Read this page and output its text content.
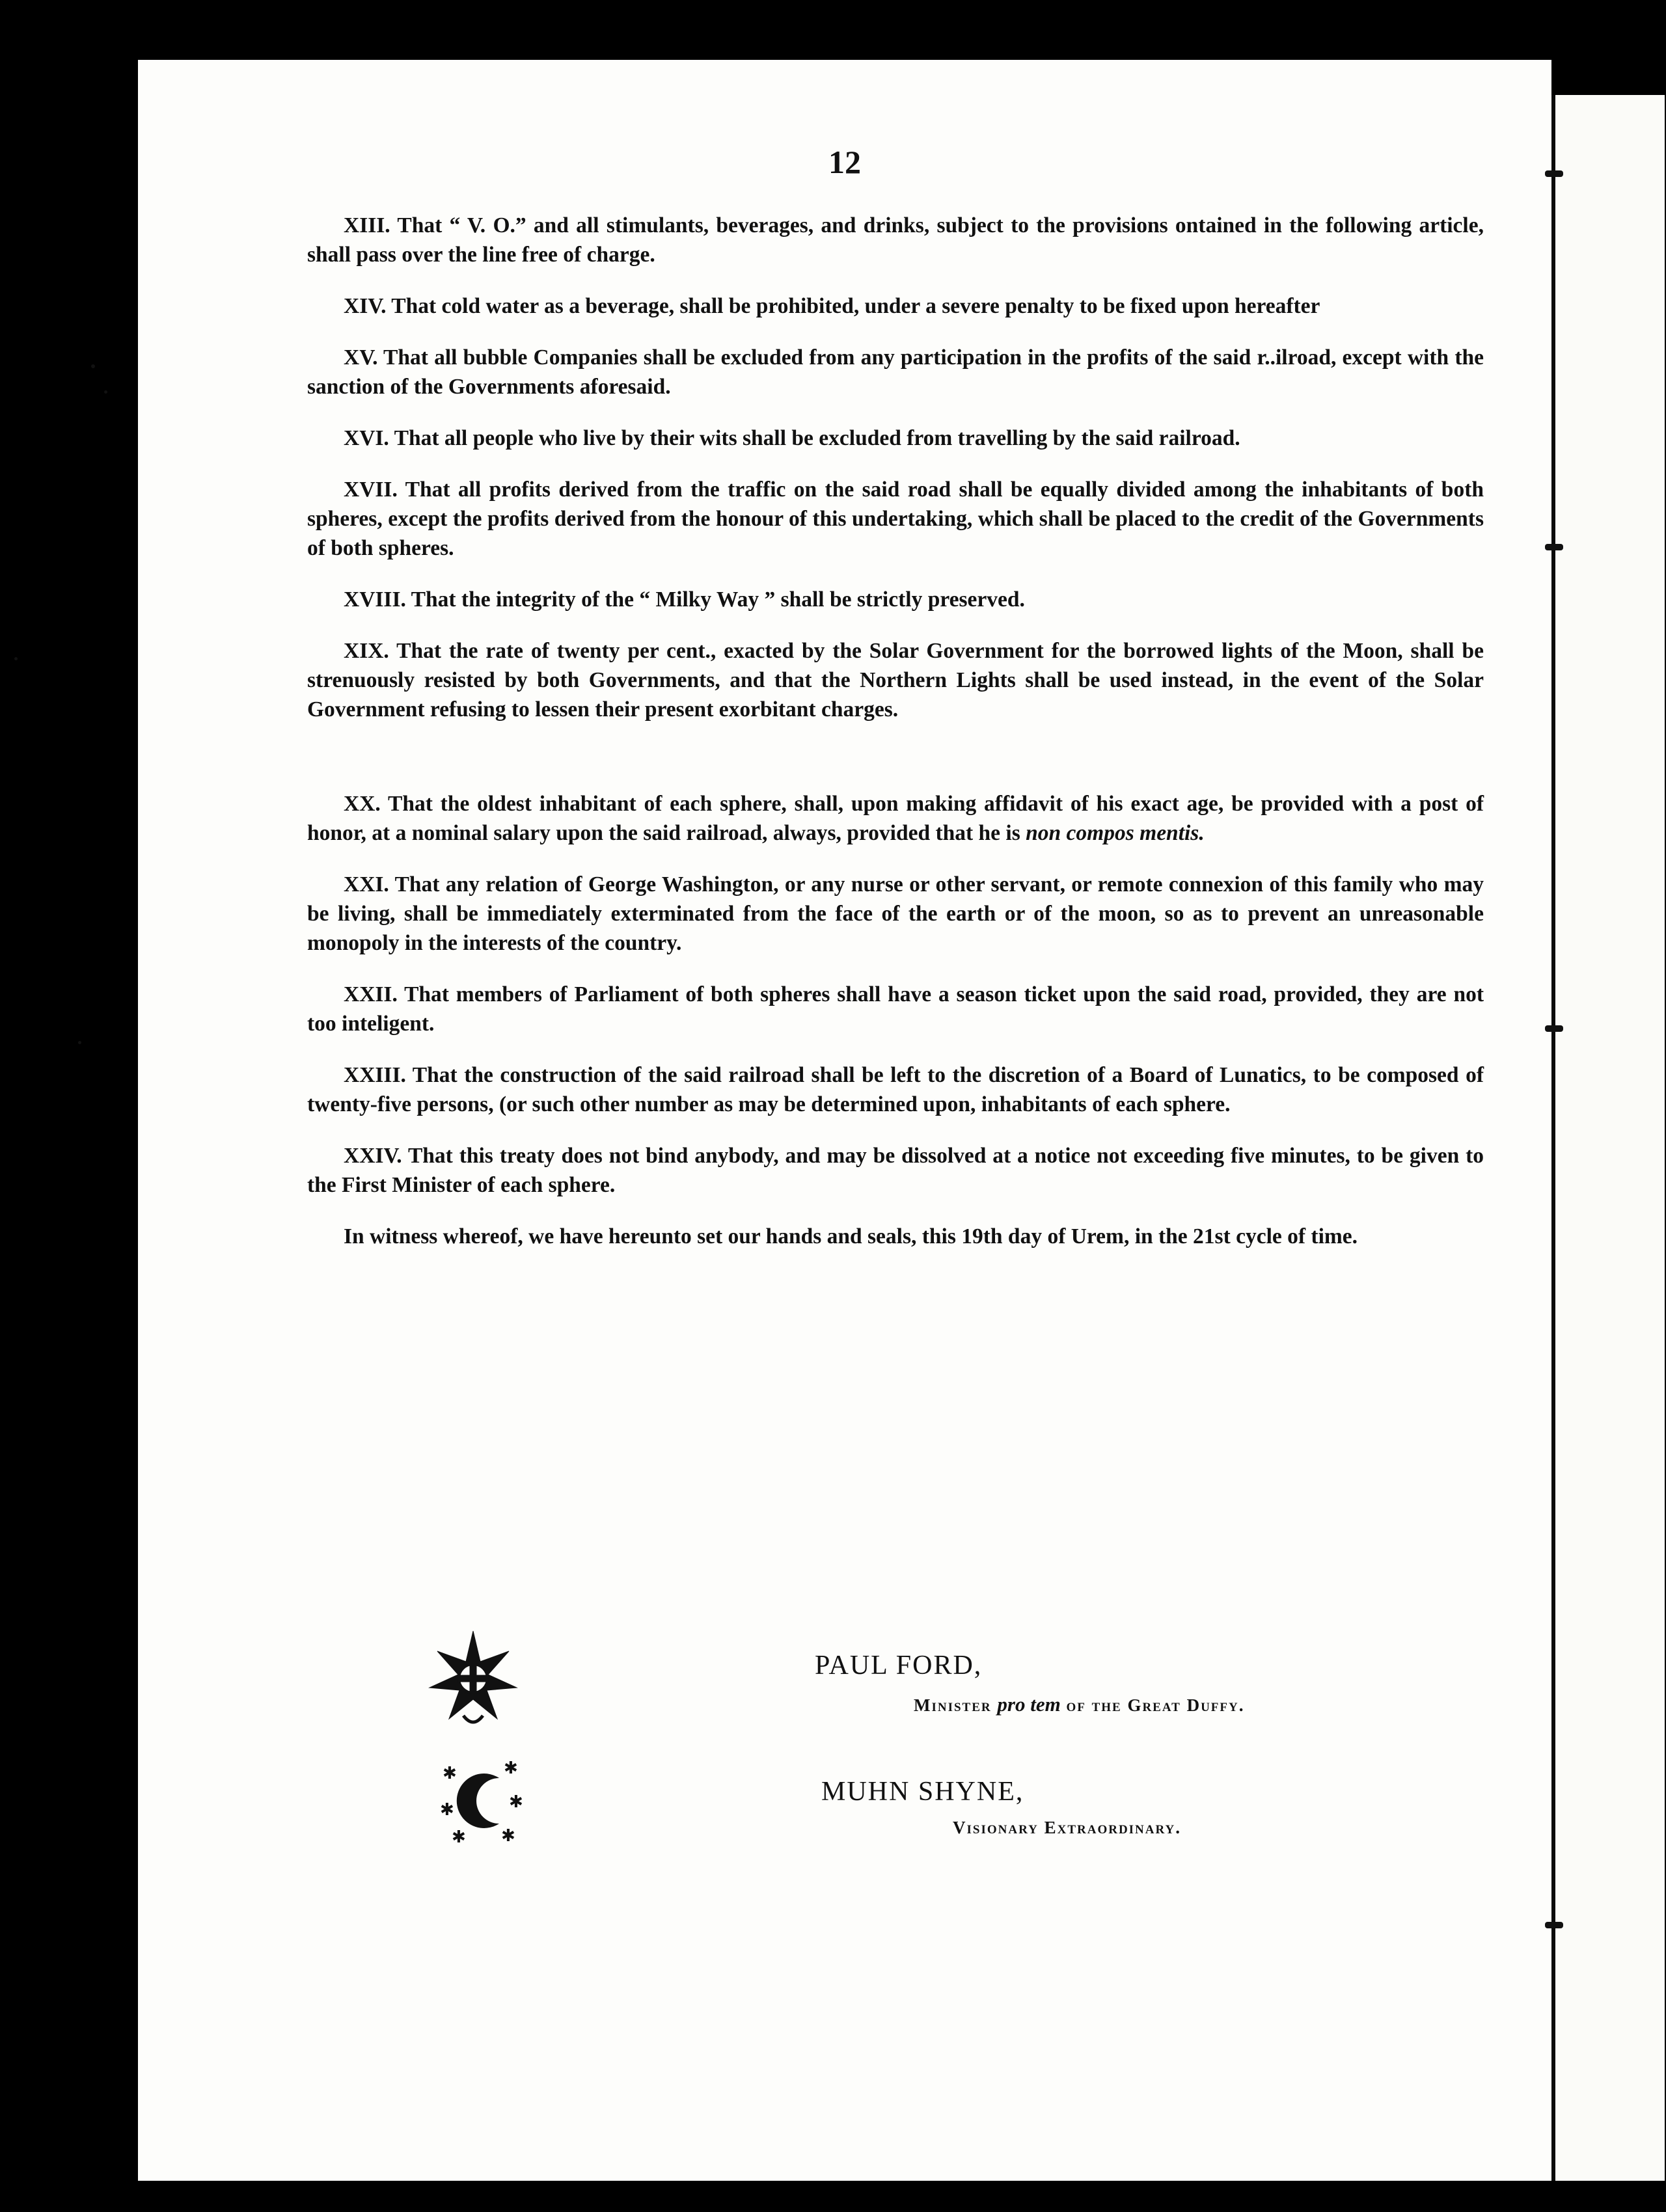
12

XIII. That “ V. O.” and all stimulants, beverages, and drinks, subject to the provisions ontained in the following article, shall pass over the line free of charge.

XIV. That cold water as a beverage, shall be prohibited, under a severe penalty to be fixed upon hereafter

XV. That all bubble Companies shall be excluded from any participation in the profits of the said r..ilroad, except with the sanction of the Governments aforesaid.

XVI. That all people who live by their wits shall be excluded from travelling by the said railroad.

XVII. That all profits derived from the traffic on the said road shall be equally divided among the inhabitants of both spheres, except the profits derived from the honour of this undertaking, which shall be placed to the credit of the Governments of both spheres.

XVIII. That the integrity of the “ Milky Way ” shall be strictly preserved.

XIX. That the rate of twenty per cent., exacted by the Solar Government for the borrowed lights of the Moon, shall be strenuously resisted by both Governments, and that the Northern Lights shall be used instead, in the event of the Solar Government refusing to lessen their present exorbitant charges.

XX. That the oldest inhabitant of each sphere, shall, upon making affidavit of his exact age, be provided with a post of honor, at a nominal salary upon the said railroad, always, provided that he is non compos mentis.

XXI. That any relation of George Washington, or any nurse or other servant, or remote connexion of this family who may be living, shall be immediately exterminated from the face of the earth or of the moon, so as to prevent an unreasonable monopoly in the interests of the country.

XXII. That members of Parliament of both spheres shall have a season ticket upon the said road, provided, they are not too inteligent.

XXIII. That the construction of the said railroad shall be left to the discretion of a Board of Lunatics, to be composed of twenty-five persons, (or such other number as may be determined upon, inhabitants of each sphere.

XXIV. That this treaty does not bind anybody, and may be dissolved at a notice not exceeding five minutes, to be given to the First Minister of each sphere.

In witness whereof, we have hereunto set our hands and seals, this 19th day of Urem, in the 21st cycle of time.

✱	✱
✱
✱
✱ ✱
PAUL FORD,
Minister pro tem of the Great Duffy.
MUHN SHYNE,
Visionary Extraordinary.
